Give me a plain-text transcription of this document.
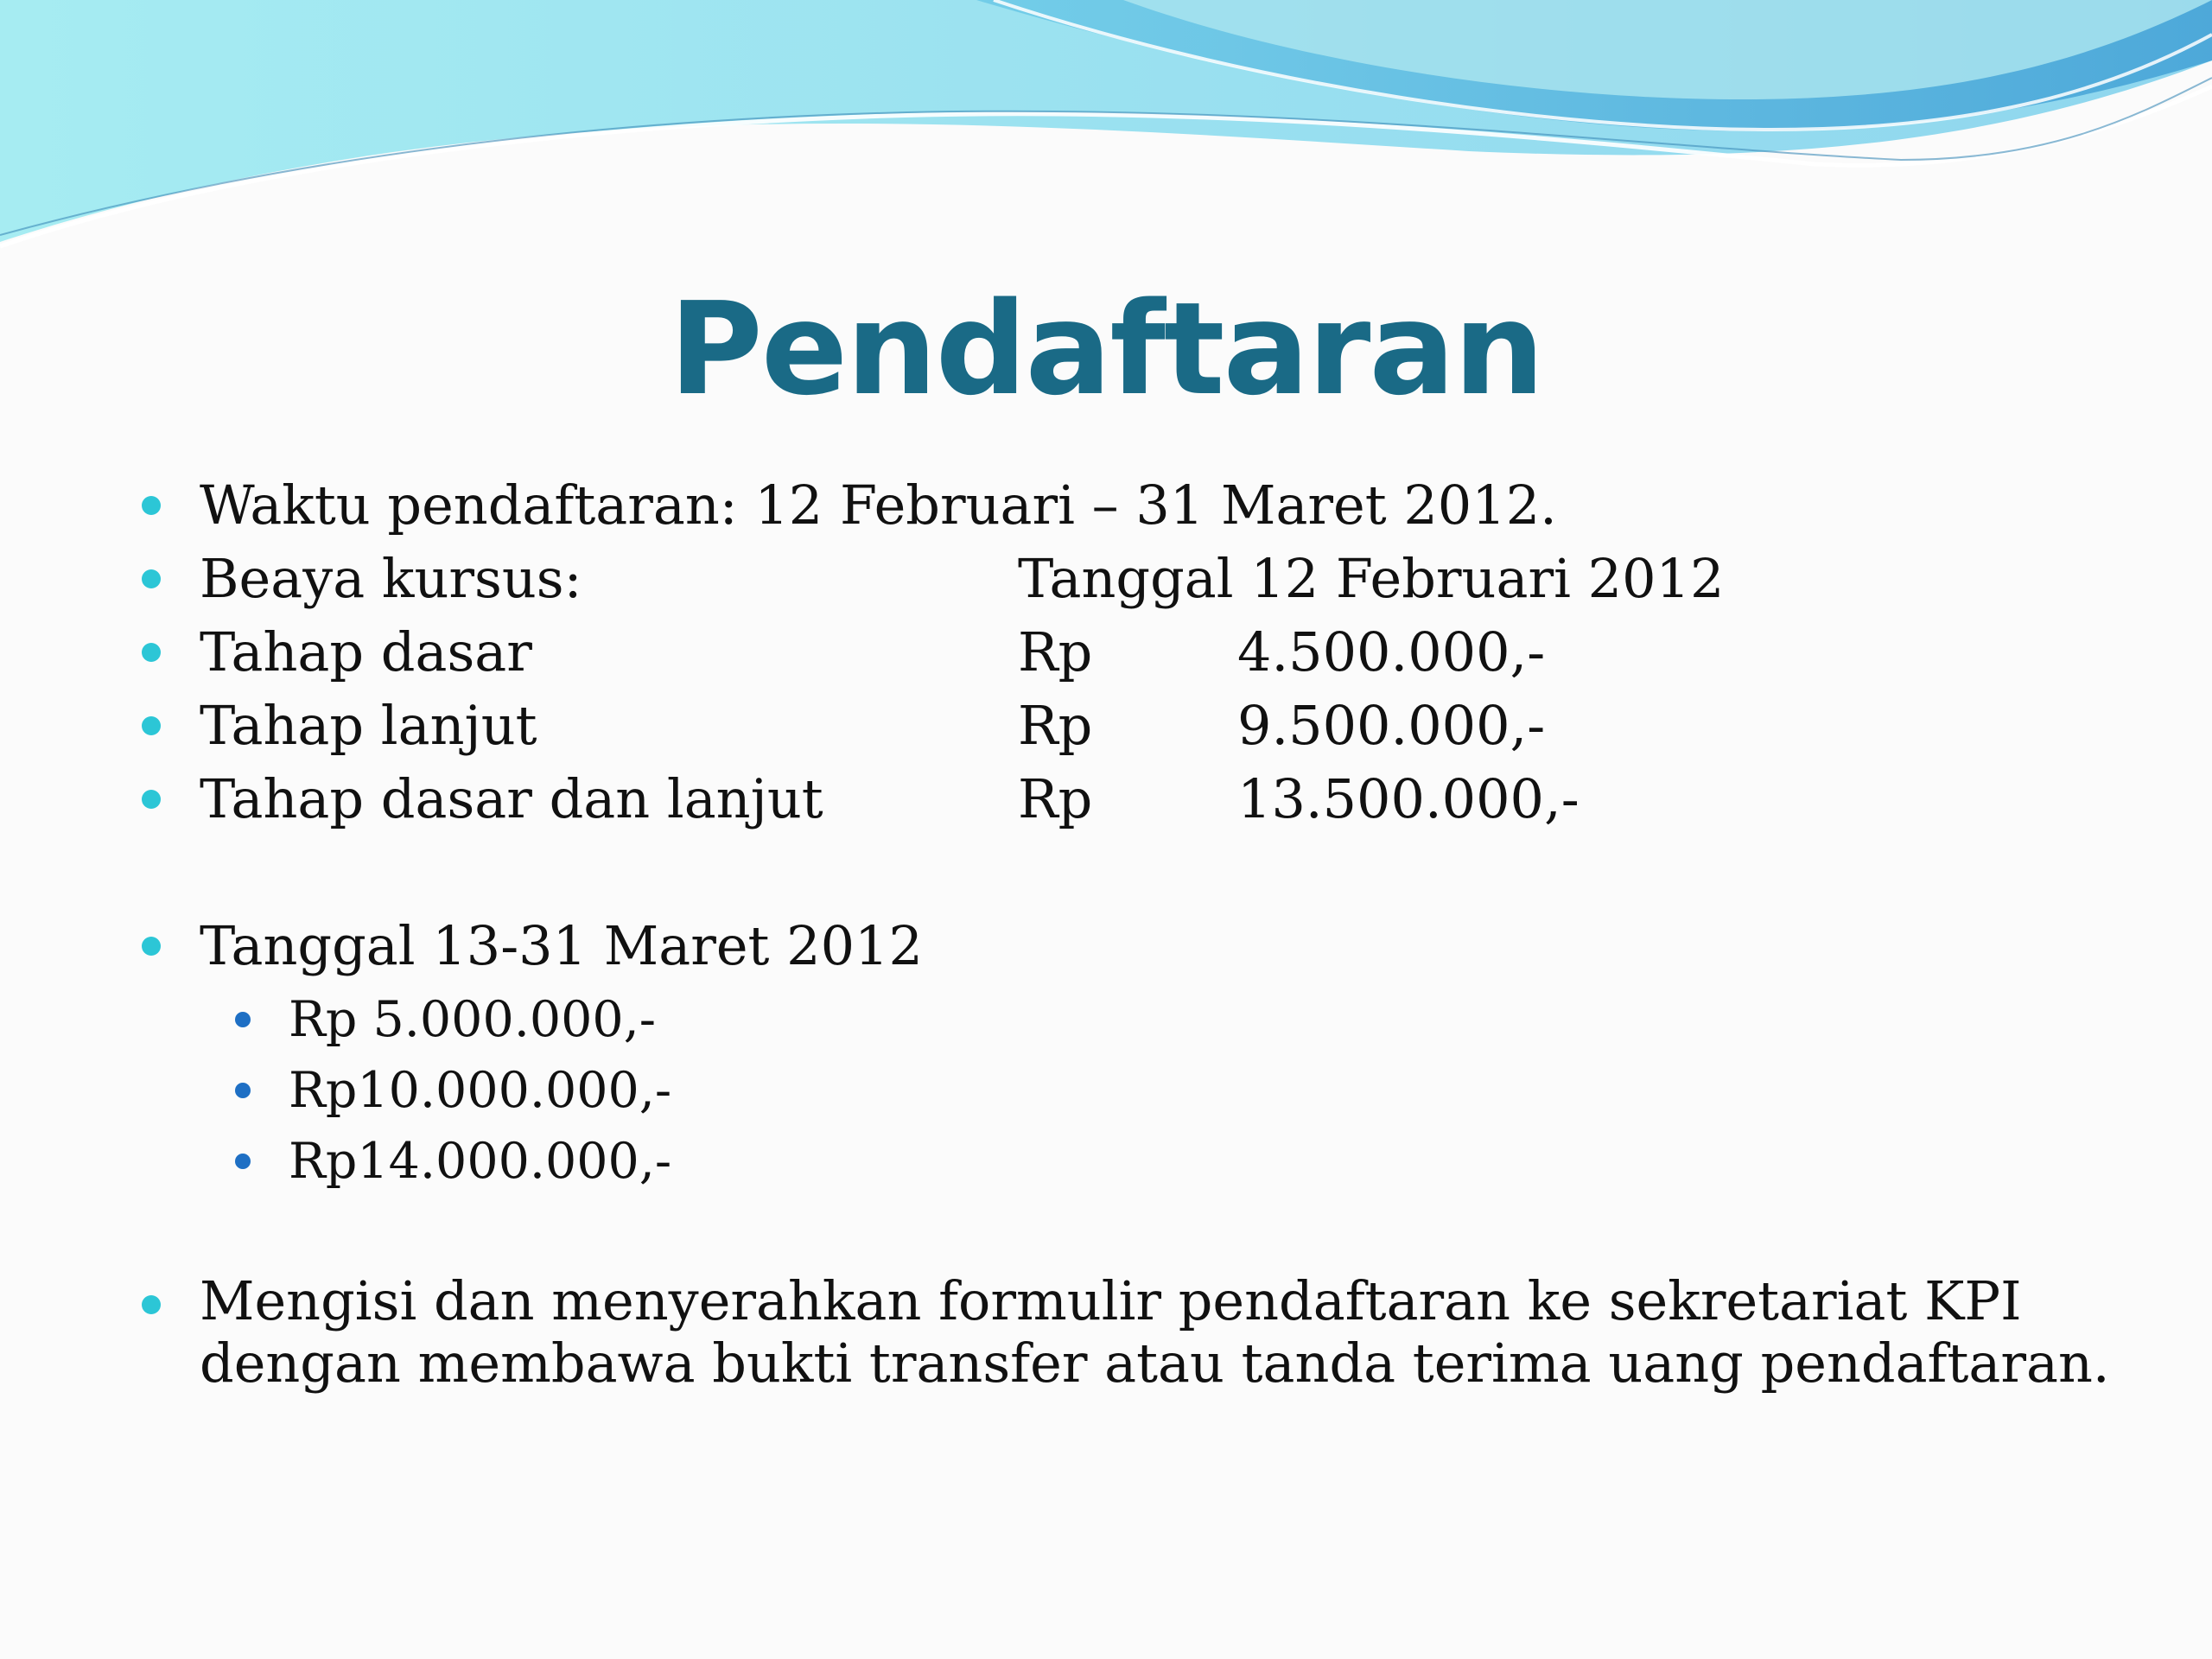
Pendaftaran
Waktu pendaftaran: 12 Februari – 31 Maret 2012.
Beaya kursus:	Tanggal 12 Februari 2012
Tahap dasar	Rp	4.500.000,-
Tahap lanjut	Rp	9.500.000,-
Tahap dasar dan lanjut	Rp	13.500.000,-
Tanggal 13-31 Maret 2012
Rp 5.000.000,-
Rp10.000.000,-
Rp14.000.000,-
Mengisi dan menyerahkan formulir pendaftaran ke sekretariat KPI
dengan membawa bukti transfer atau tanda terima uang pendaftaran.
